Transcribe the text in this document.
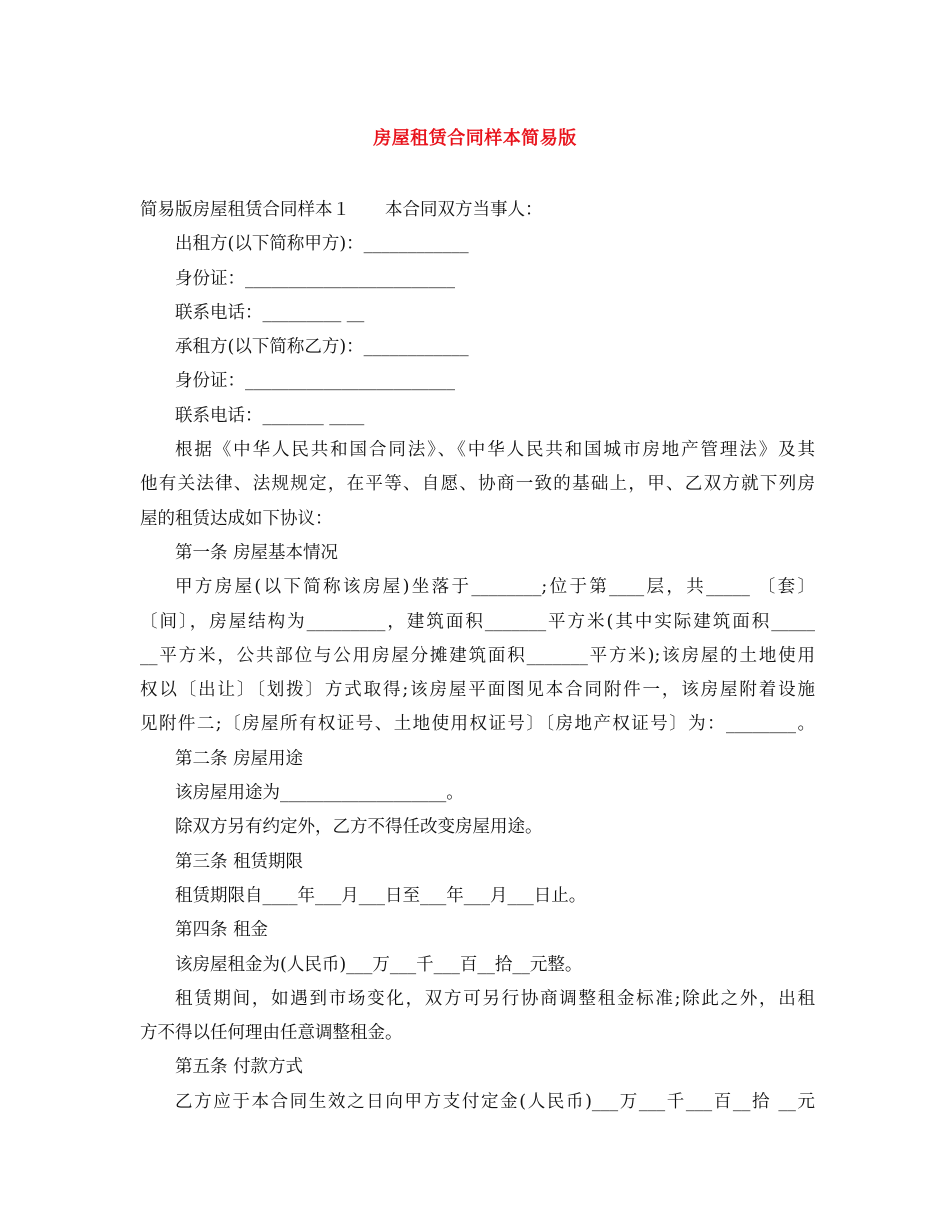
房屋租赁合同样本简易版
简易版房屋租赁合同样本１　　本合同双方当事人：
出租方(以下简称甲方)：____________
身份证：________________________
联系电话：_________ __
承租方(以下简称乙方)：____________
身份证：________________________
联系电话：_______ ____
根据《中华人民共和国合同法》、《中华人民共和国城市房地产管理法》及其
他有关法律、法规规定，在平等、自愿、协商一致的基础上，甲、乙双方就下列房
屋的租赁达成如下协议：
第一条 房屋基本情况
甲方房屋(以下简称该房屋)坐落于________;位于第____层，共_____ 〔套〕
〔间〕，房屋结构为_________，建筑面积_______平方米(其中实际建筑面积_____
__平方米，公共部位与公用房屋分摊建筑面积_______平方米);该房屋的土地使用
权以〔出让〕〔划拨〕方式取得;该房屋平面图见本合同附件一，该房屋附着设施
见附件二;〔房屋所有权证号、土地使用权证号〕〔房地产权证号〕为：________。
第二条 房屋用途
该房屋用途为___________________。
除双方另有约定外，乙方不得任改变房屋用途。
第三条 租赁期限
租赁期限自____年___月___日至___年___月___日止。
第四条 租金
该房屋租金为(人民币)___万___千___百__拾__元整。
租赁期间，如遇到市场变化，双方可另行协商调整租金标准;除此之外，出租
方不得以任何理由任意调整租金。
第五条 付款方式
乙方应于本合同生效之日向甲方支付定金(人民币)___万___千___百__拾 __元
